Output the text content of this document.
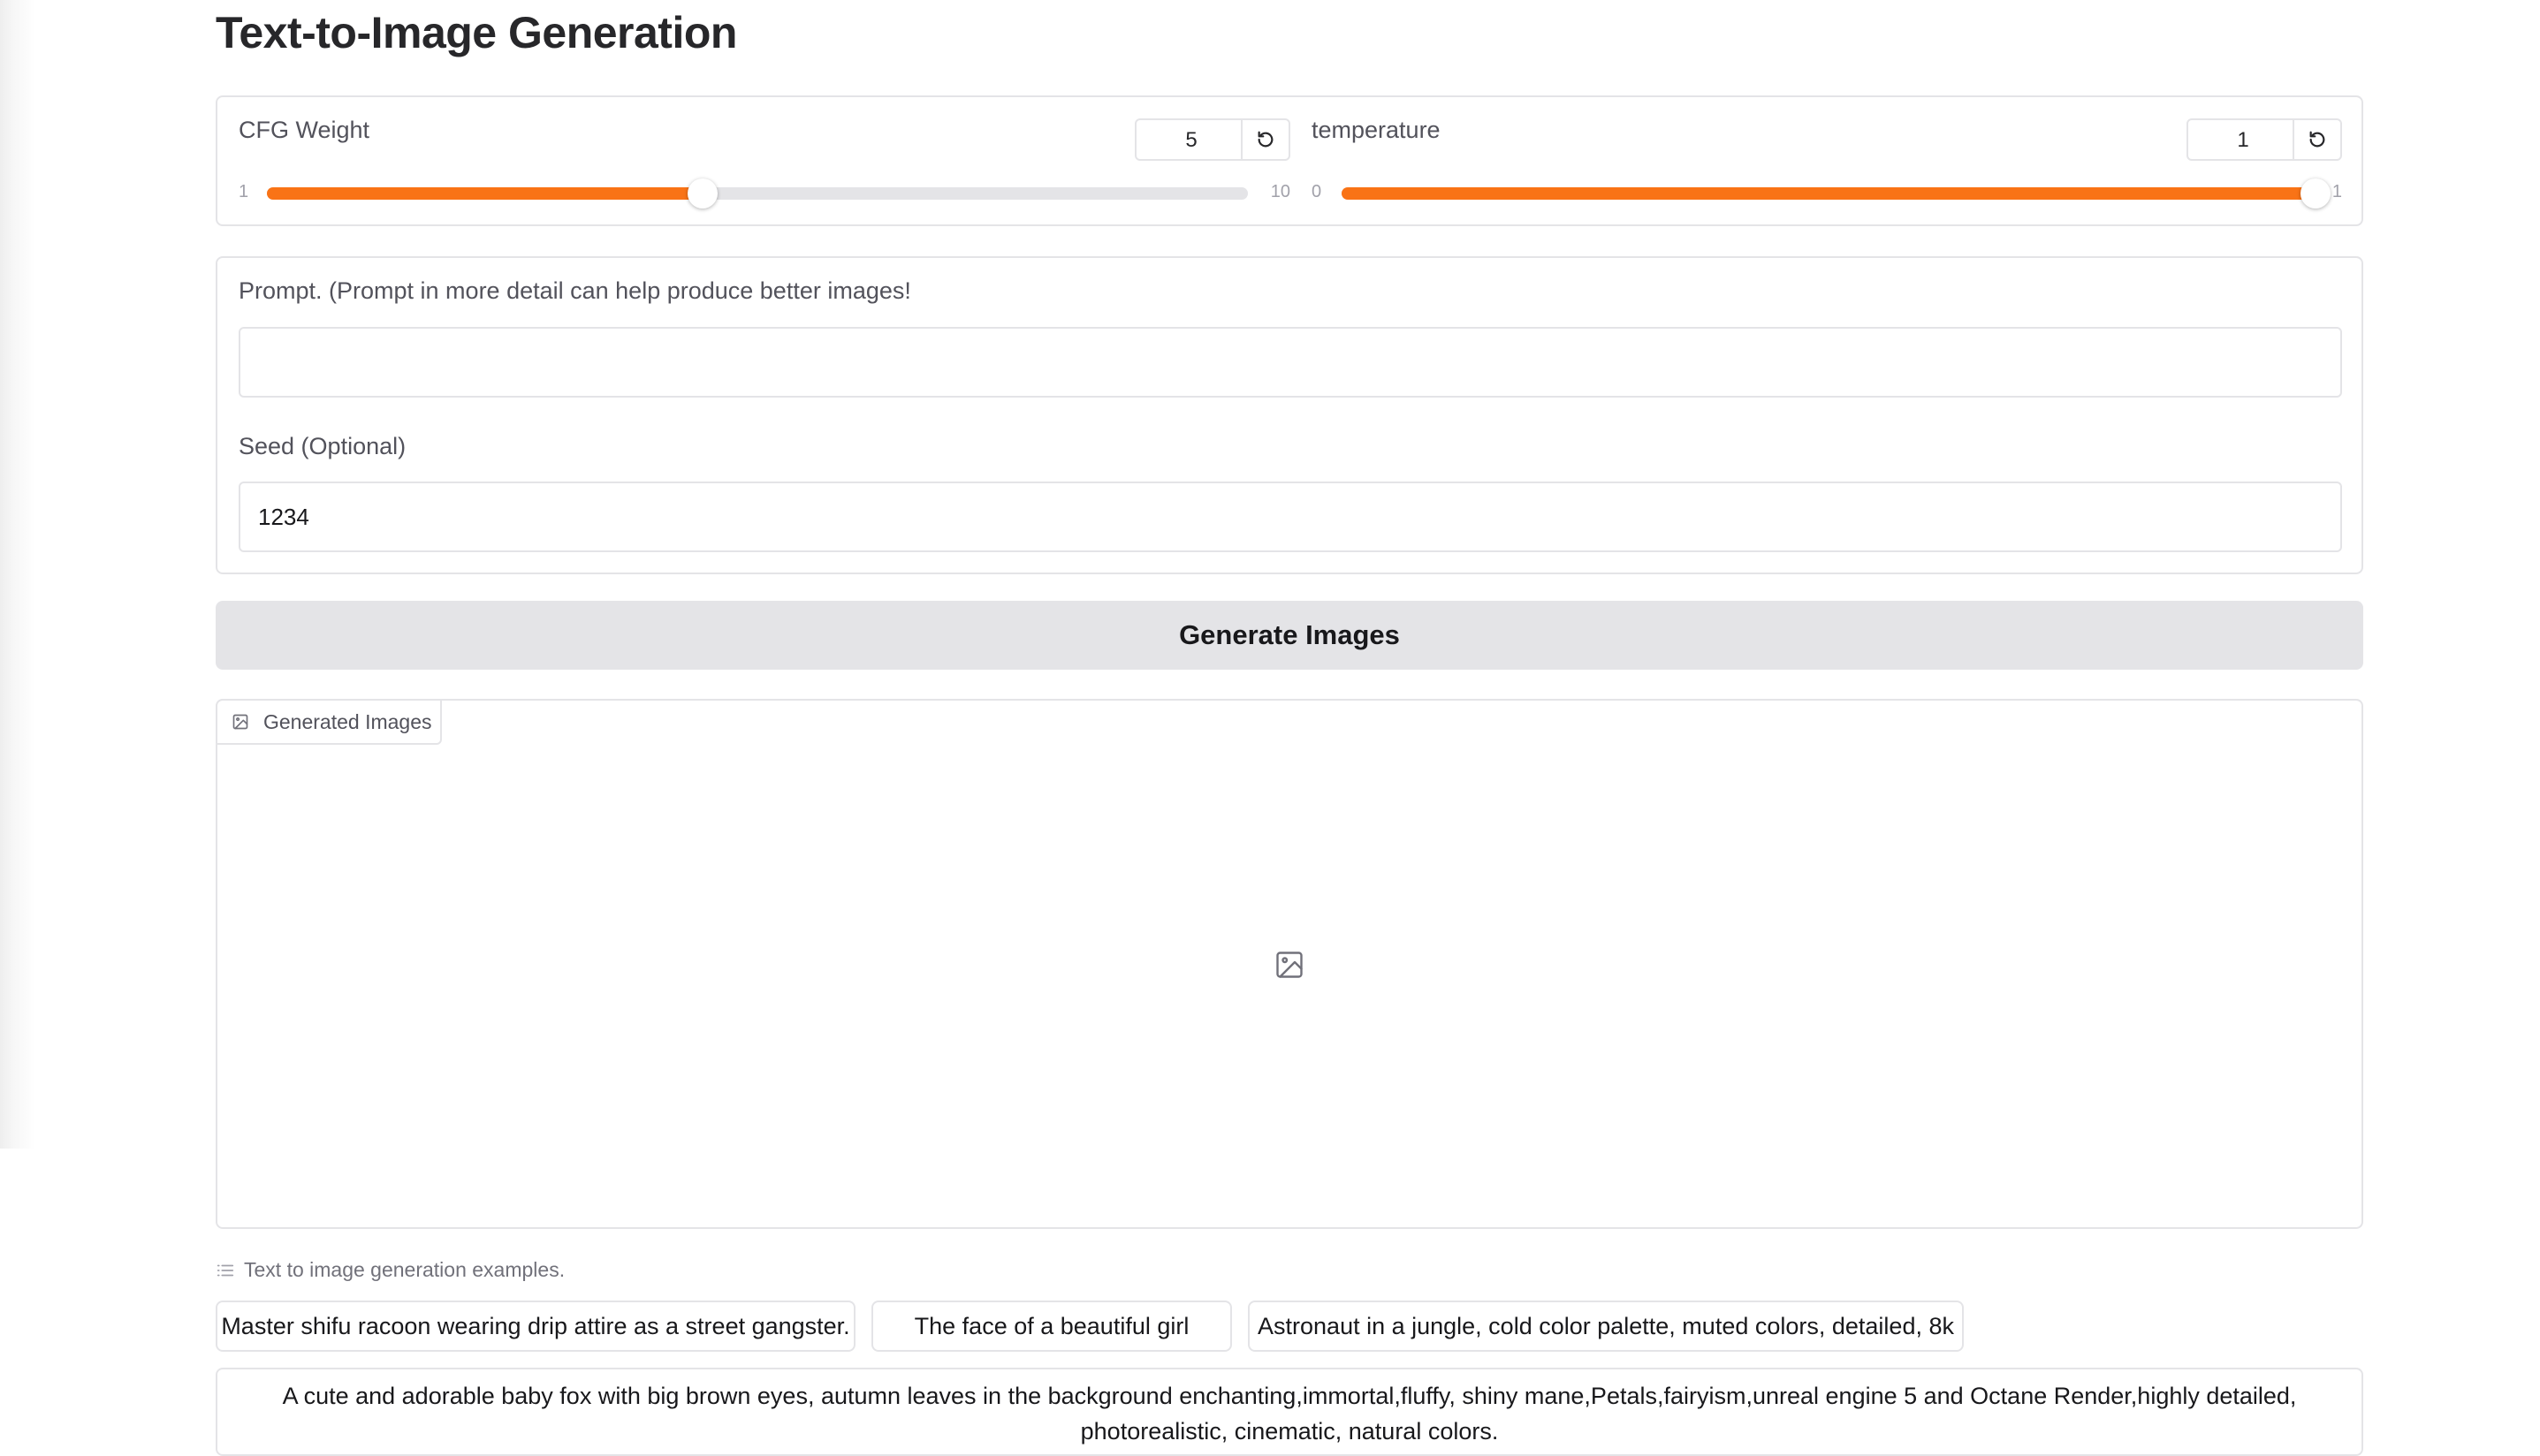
Text-to-Image Generation
CFG Weight
5
1	10
temperature
1
0	1
Prompt. (Prompt in more detail can help produce better images!
Seed (Optional)
1234
Generate Images
Generated Images
Text to image generation examples.
Master shifu racoon wearing drip attire as a street gangster.	The face of a beautiful girl	Astronaut in a jungle, cold color palette, muted colors, detailed, 8k
A cute and adorable baby fox with big brown eyes, autumn leaves in the background enchanting,immortal,fluffy, shiny mane,Petals,fairyism,unreal engine 5 and Octane Render,highly detailed, photorealistic, cinematic, natural colors.
